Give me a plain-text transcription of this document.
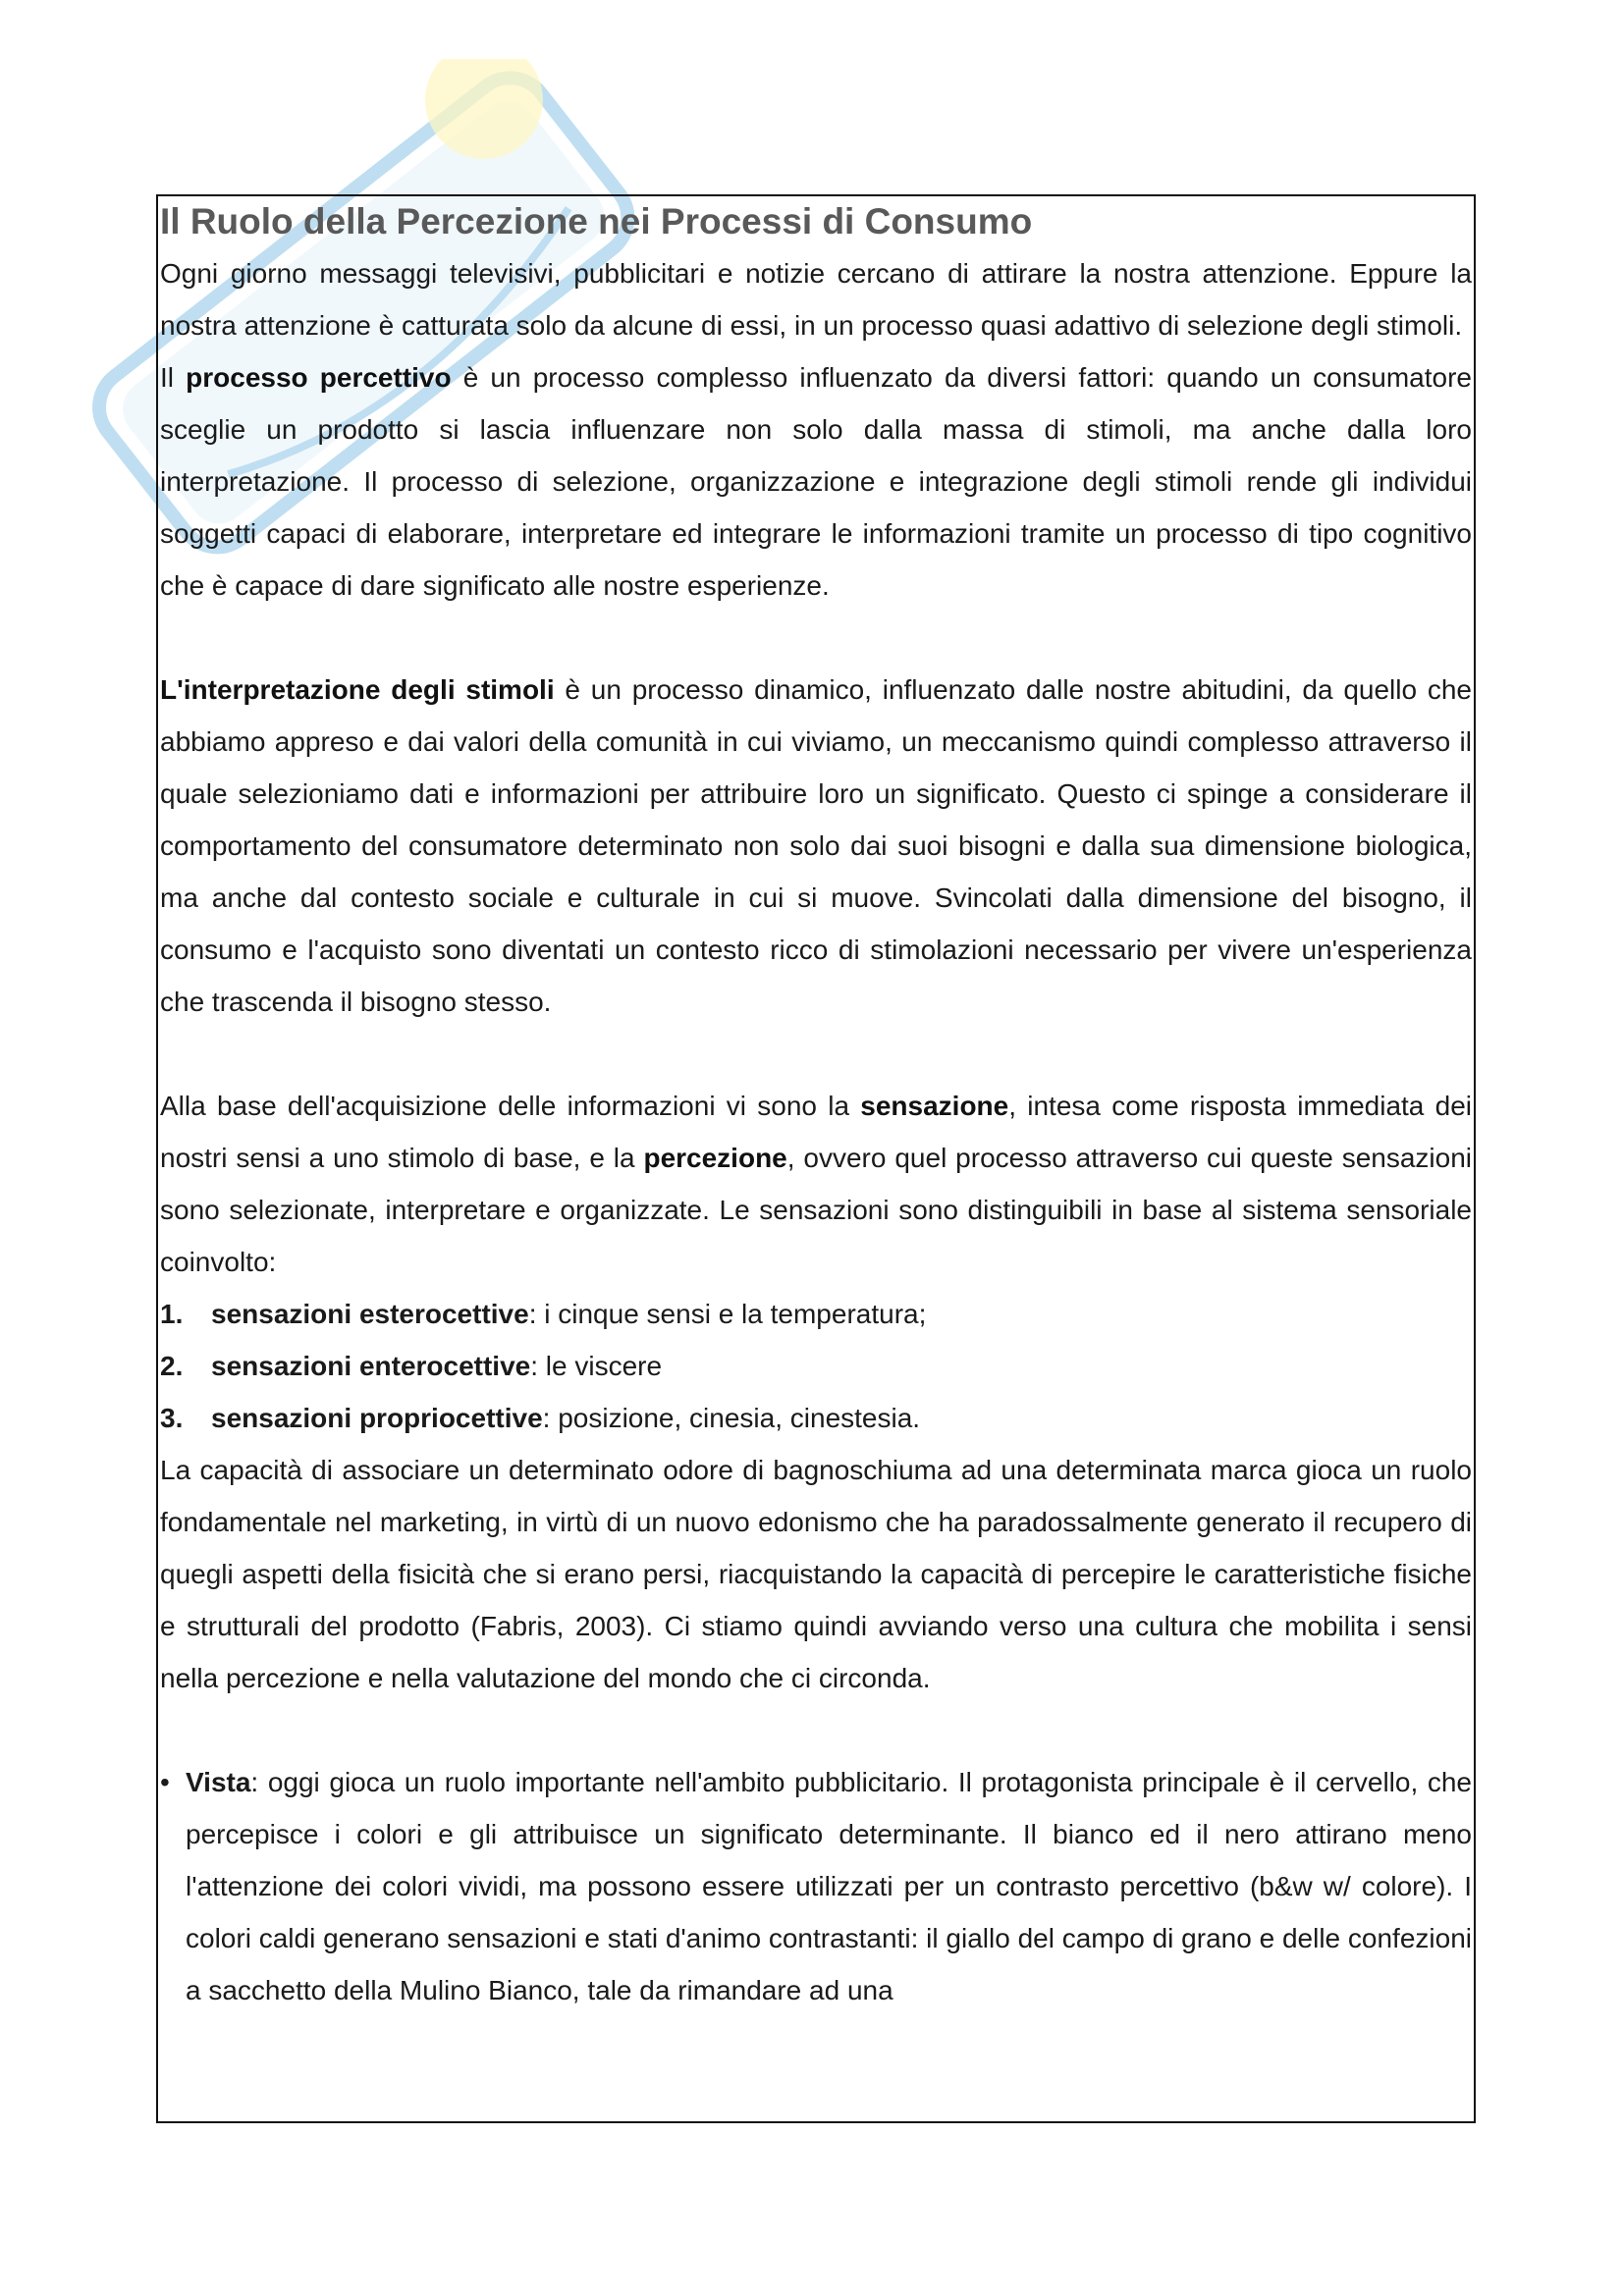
Il Ruolo della Percezione nei Processi di Consumo

Ogni giorno messaggi televisivi, pubblicitari e notizie cercano di attirare la nostra attenzione. Eppure la nostra attenzione è catturata solo da alcune di essi, in un processo quasi adattivo di selezione degli stimoli.

Il processo percettivo è un processo complesso influenzato da diversi fattori: quando un consumatore sceglie un prodotto si lascia influenzare non solo dalla massa di stimoli, ma anche dalla loro interpretazione. Il processo di selezione, organizzazione e integrazione degli stimoli rende gli individui soggetti capaci di elaborare, interpretare ed integrare le informazioni tramite un processo di tipo cognitivo che è capace di dare significato alle nostre esperienze.

L'interpretazione degli stimoli è un processo dinamico, influenzato dalle nostre abitudini, da quello che abbiamo appreso e dai valori della comunità in cui viviamo, un meccanismo quindi complesso attraverso il quale selezioniamo dati e informazioni per attribuire loro un significato. Questo ci spinge a considerare il comportamento del consumatore determinato non solo dai suoi bisogni e dalla sua dimensione biologica, ma anche dal contesto sociale e culturale in cui si muove. Svincolati dalla dimensione del bisogno, il consumo e l'acquisto sono diventati un contesto ricco di stimolazioni necessario per vivere un'esperienza che trascenda il bisogno stesso.

Alla base dell'acquisizione delle informazioni vi sono la sensazione, intesa come risposta immediata dei nostri sensi a uno stimolo di base, e la percezione, ovvero quel processo attraverso cui queste sensazioni sono selezionate, interpretare e organizzate. Le sensazioni sono distinguibili in base al sistema sensoriale coinvolto:

1.	sensazioni esterocettive: i cinque sensi e la temperatura;
2.	sensazioni enterocettive: le viscere
3.	sensazioni propriocettive: posizione, cinesia, cinestesia.

La capacità di associare un determinato odore di bagnoschiuma ad una determinata marca gioca un ruolo fondamentale nel marketing, in virtù di un nuovo edonismo che ha paradossalmente generato il recupero di quegli aspetti della fisicità che si erano persi, riacquistando la capacità di percepire le caratteristiche fisiche e strutturali del prodotto (Fabris, 2003). Ci stiamo quindi avviando verso una cultura che mobilita i sensi nella percezione e nella valutazione del mondo che ci circonda.

• Vista: oggi gioca un ruolo importante nell'ambito pubblicitario. Il protagonista principale è il cervello, che percepisce i colori e gli attribuisce un significato determinante. Il bianco ed il nero attirano meno l'attenzione dei colori vividi, ma possono essere utilizzati per un contrasto percettivo (b&w w/ colore). I colori caldi generano sensazioni e stati d'animo contrastanti: il giallo del campo di grano e delle confezioni a sacchetto della Mulino Bianco, tale da rimandare ad una
